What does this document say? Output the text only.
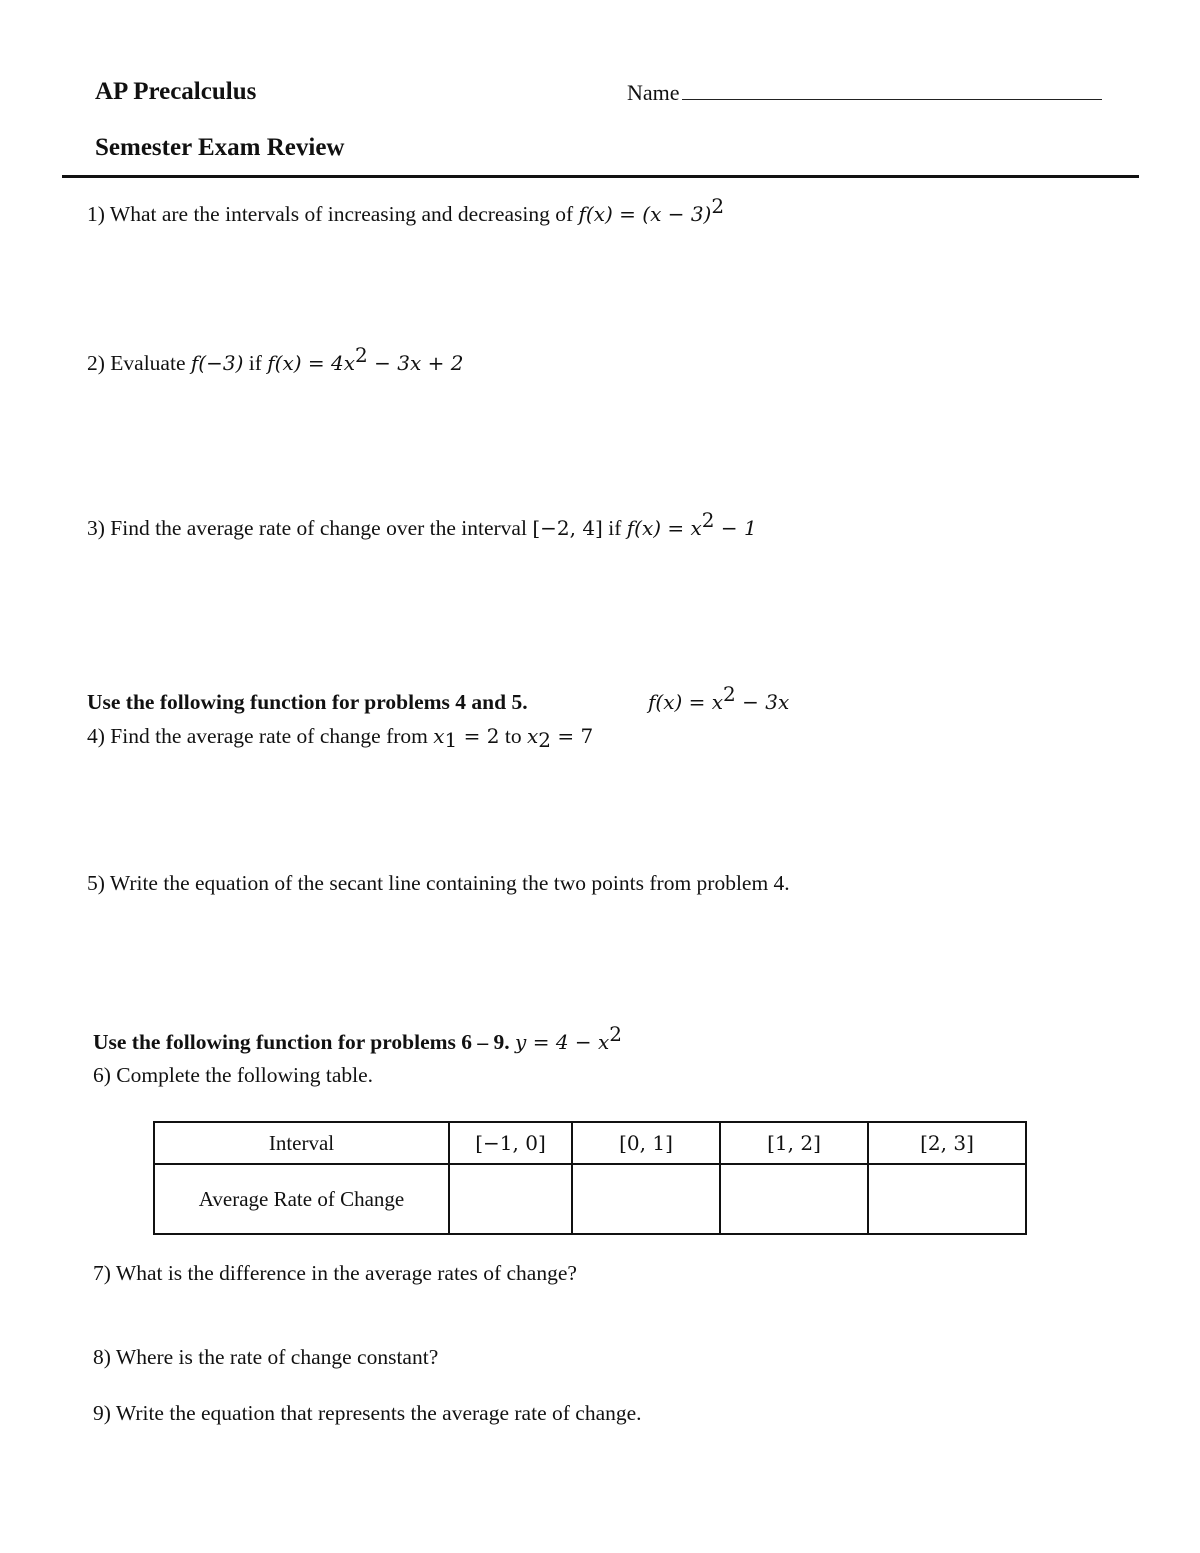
AP Precalculus	Name
Semester Exam Review
1) What are the intervals of increasing and decreasing of $f(x) = (x - 3)^2$
2) Evaluate f(−3) if $f(x) = 4x^2 - 3x + 2$
3) Find the average rate of change over the interval [−2, 4] if $f(x) = x^2 - 1$
Use the following function for problems 4 and 5.	$f(x) = x^2 - 3x$
4) Find the average rate of change from $x_1 = 2$ to $x_2 = 7$
5) Write the equation of the secant line containing the two points from problem 4.
Use the following function for problems 6 – 9. $y = 4 - x^2$
6) Complete the following table.
Interval	[−1, 0]	[0, 1]	[1, 2]	[2, 3]
Average Rate of Change				
7) What is the difference in the average rates of change?
8) Where is the rate of change constant?
9) Write the equation that represents the average rate of change.
